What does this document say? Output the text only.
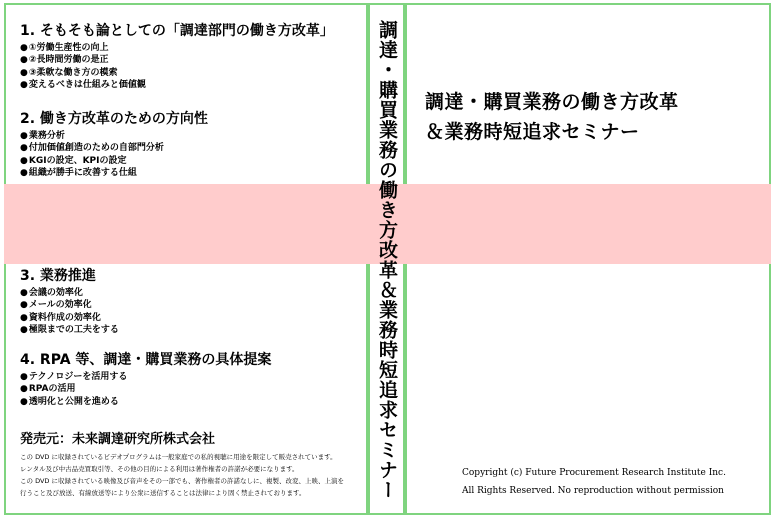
1. そもそも論としての「調達部門の働き方改革」
● ①労働生産性の向上
● ②長時間労働の是正
● ③柔軟な働き方の模索
● 変えるべきは仕組みと価値観
2. 働き方改革のための方向性
● 業務分析
● 付加価値創造のための自部門分析
● KGIの設定、KPIの設定
● 組織が勝手に改善する仕組
3. 業務推進
● 会議の効率化
● メールの効率化
● 資料作成の効率化
● 極限までの工夫をする
4. RPA 等、調達・購買業務の具体提案
● テクノロジーを活用する
● RPAの活用
● 透明化と公開を進める
発売元：未来調達研究所株式会社
この DVD に収録されているビデオプログラムは一般家庭での私的視聴に用途を限定して販売されています。
レンタル及び中古品売買取引等、その他の目的による利用は著作権者の許諾が必要になります。
この DVD に収録されている映像及び音声をその一部でも、著作権者の許諾なしに、複製、改変、上映、上演を
行うこと及び放送、有線放送等により公衆に送信することは法律により固く禁止されております。	調達・購買業務の働き方改革＆業務時短追求セミナー 調達・購買業務の働き方改革
＆業務時短追求セミナー
Copyright (c) Future Procurement Research Institute Inc.
All Rights Reserved. No reproduction without permission
